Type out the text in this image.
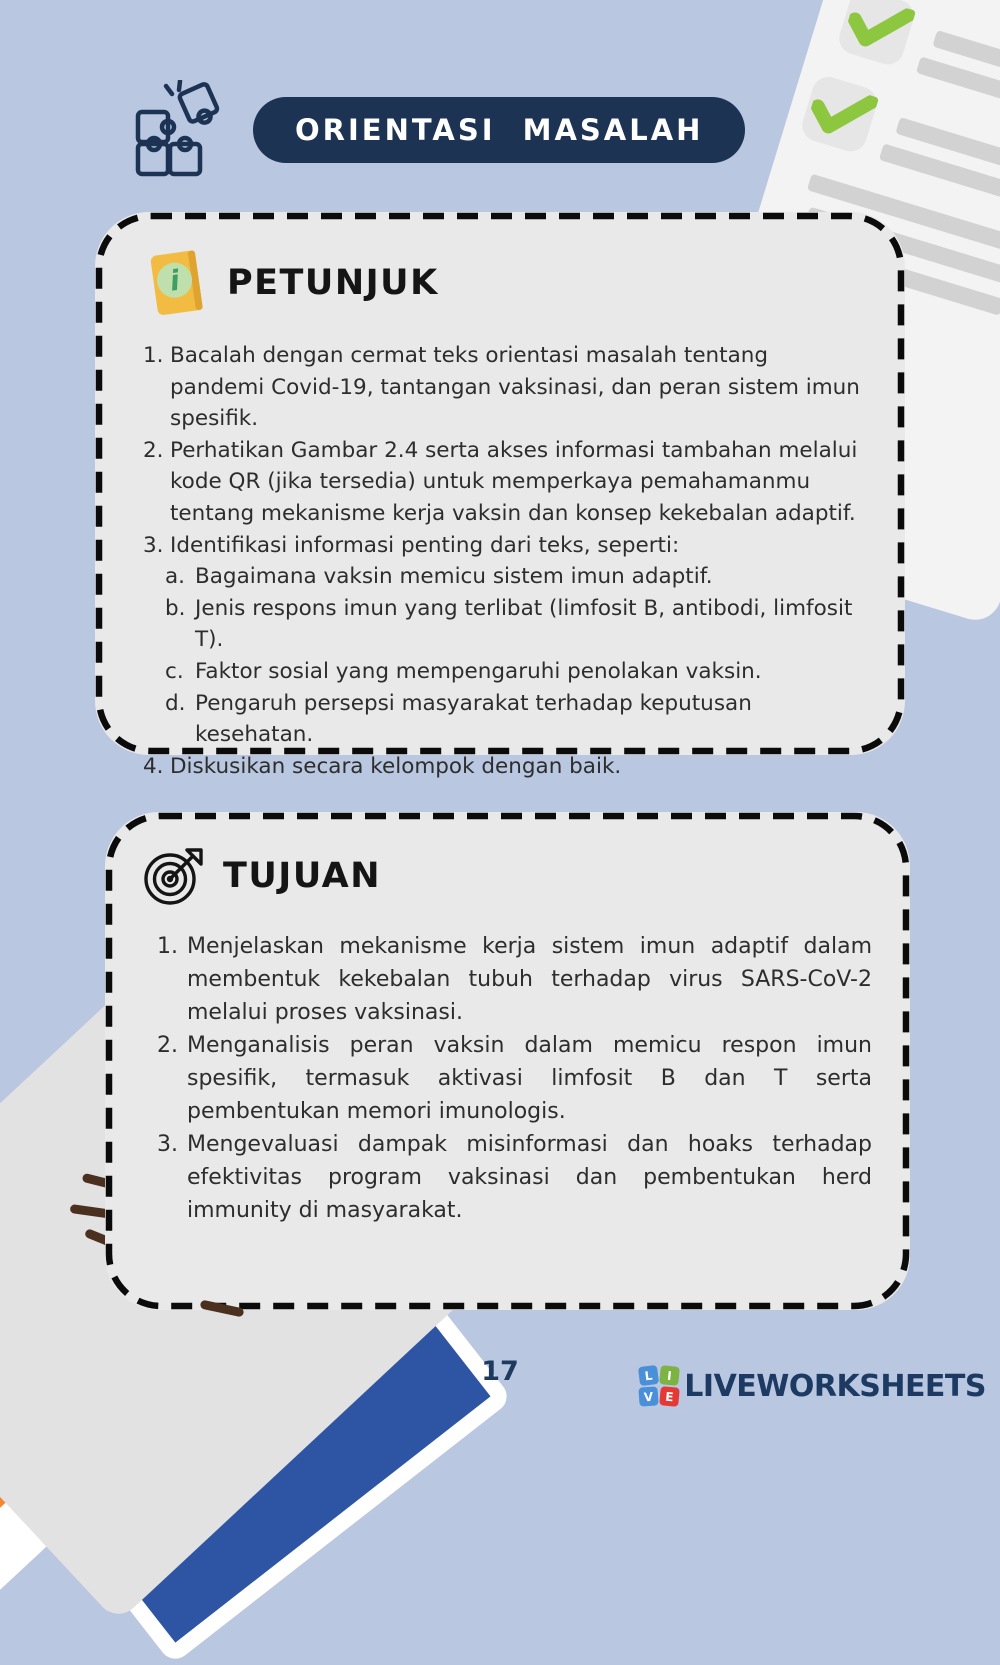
ORIENTASI MASALAH
i PETUNJUK
1. Bacalah dengan cermat teks orientasi masalah tentang pandemi Covid-19, tantangan vaksinasi, dan peran sistem imun spesifik.
2. Perhatikan Gambar 2.4 serta akses informasi tambahan melalui kode QR (jika tersedia) untuk memperkaya pemahamanmu tentang mekanisme kerja vaksin dan konsep kekebalan adaptif.
3. Identifikasi informasi penting dari teks, seperti:
a. Bagaimana vaksin memicu sistem imun adaptif.
b. Jenis respons imun yang terlibat (limfosit B, antibodi, limfosit T).
c. Faktor sosial yang mempengaruhi penolakan vaksin.
d. Pengaruh persepsi masyarakat terhadap keputusan kesehatan.
4. Diskusikan secara kelompok dengan baik.
TUJUAN
1. Menjelaskan mekanisme kerja sistem imun adaptif dalam membentuk kekebalan tubuh terhadap virus SARS-CoV-2 melalui proses vaksinasi.
2. Menganalisis peran vaksin dalam memicu respon imun spesifik, termasuk aktivasi limfosit B dan T serta pembentukan memori imunologis.
3. Mengevaluasi dampak misinformasi dan hoaks terhadap efektivitas program vaksinasi dan pembentukan herd immunity di masyarakat.
17	L	I
V E LIVEWORKSHEETS
